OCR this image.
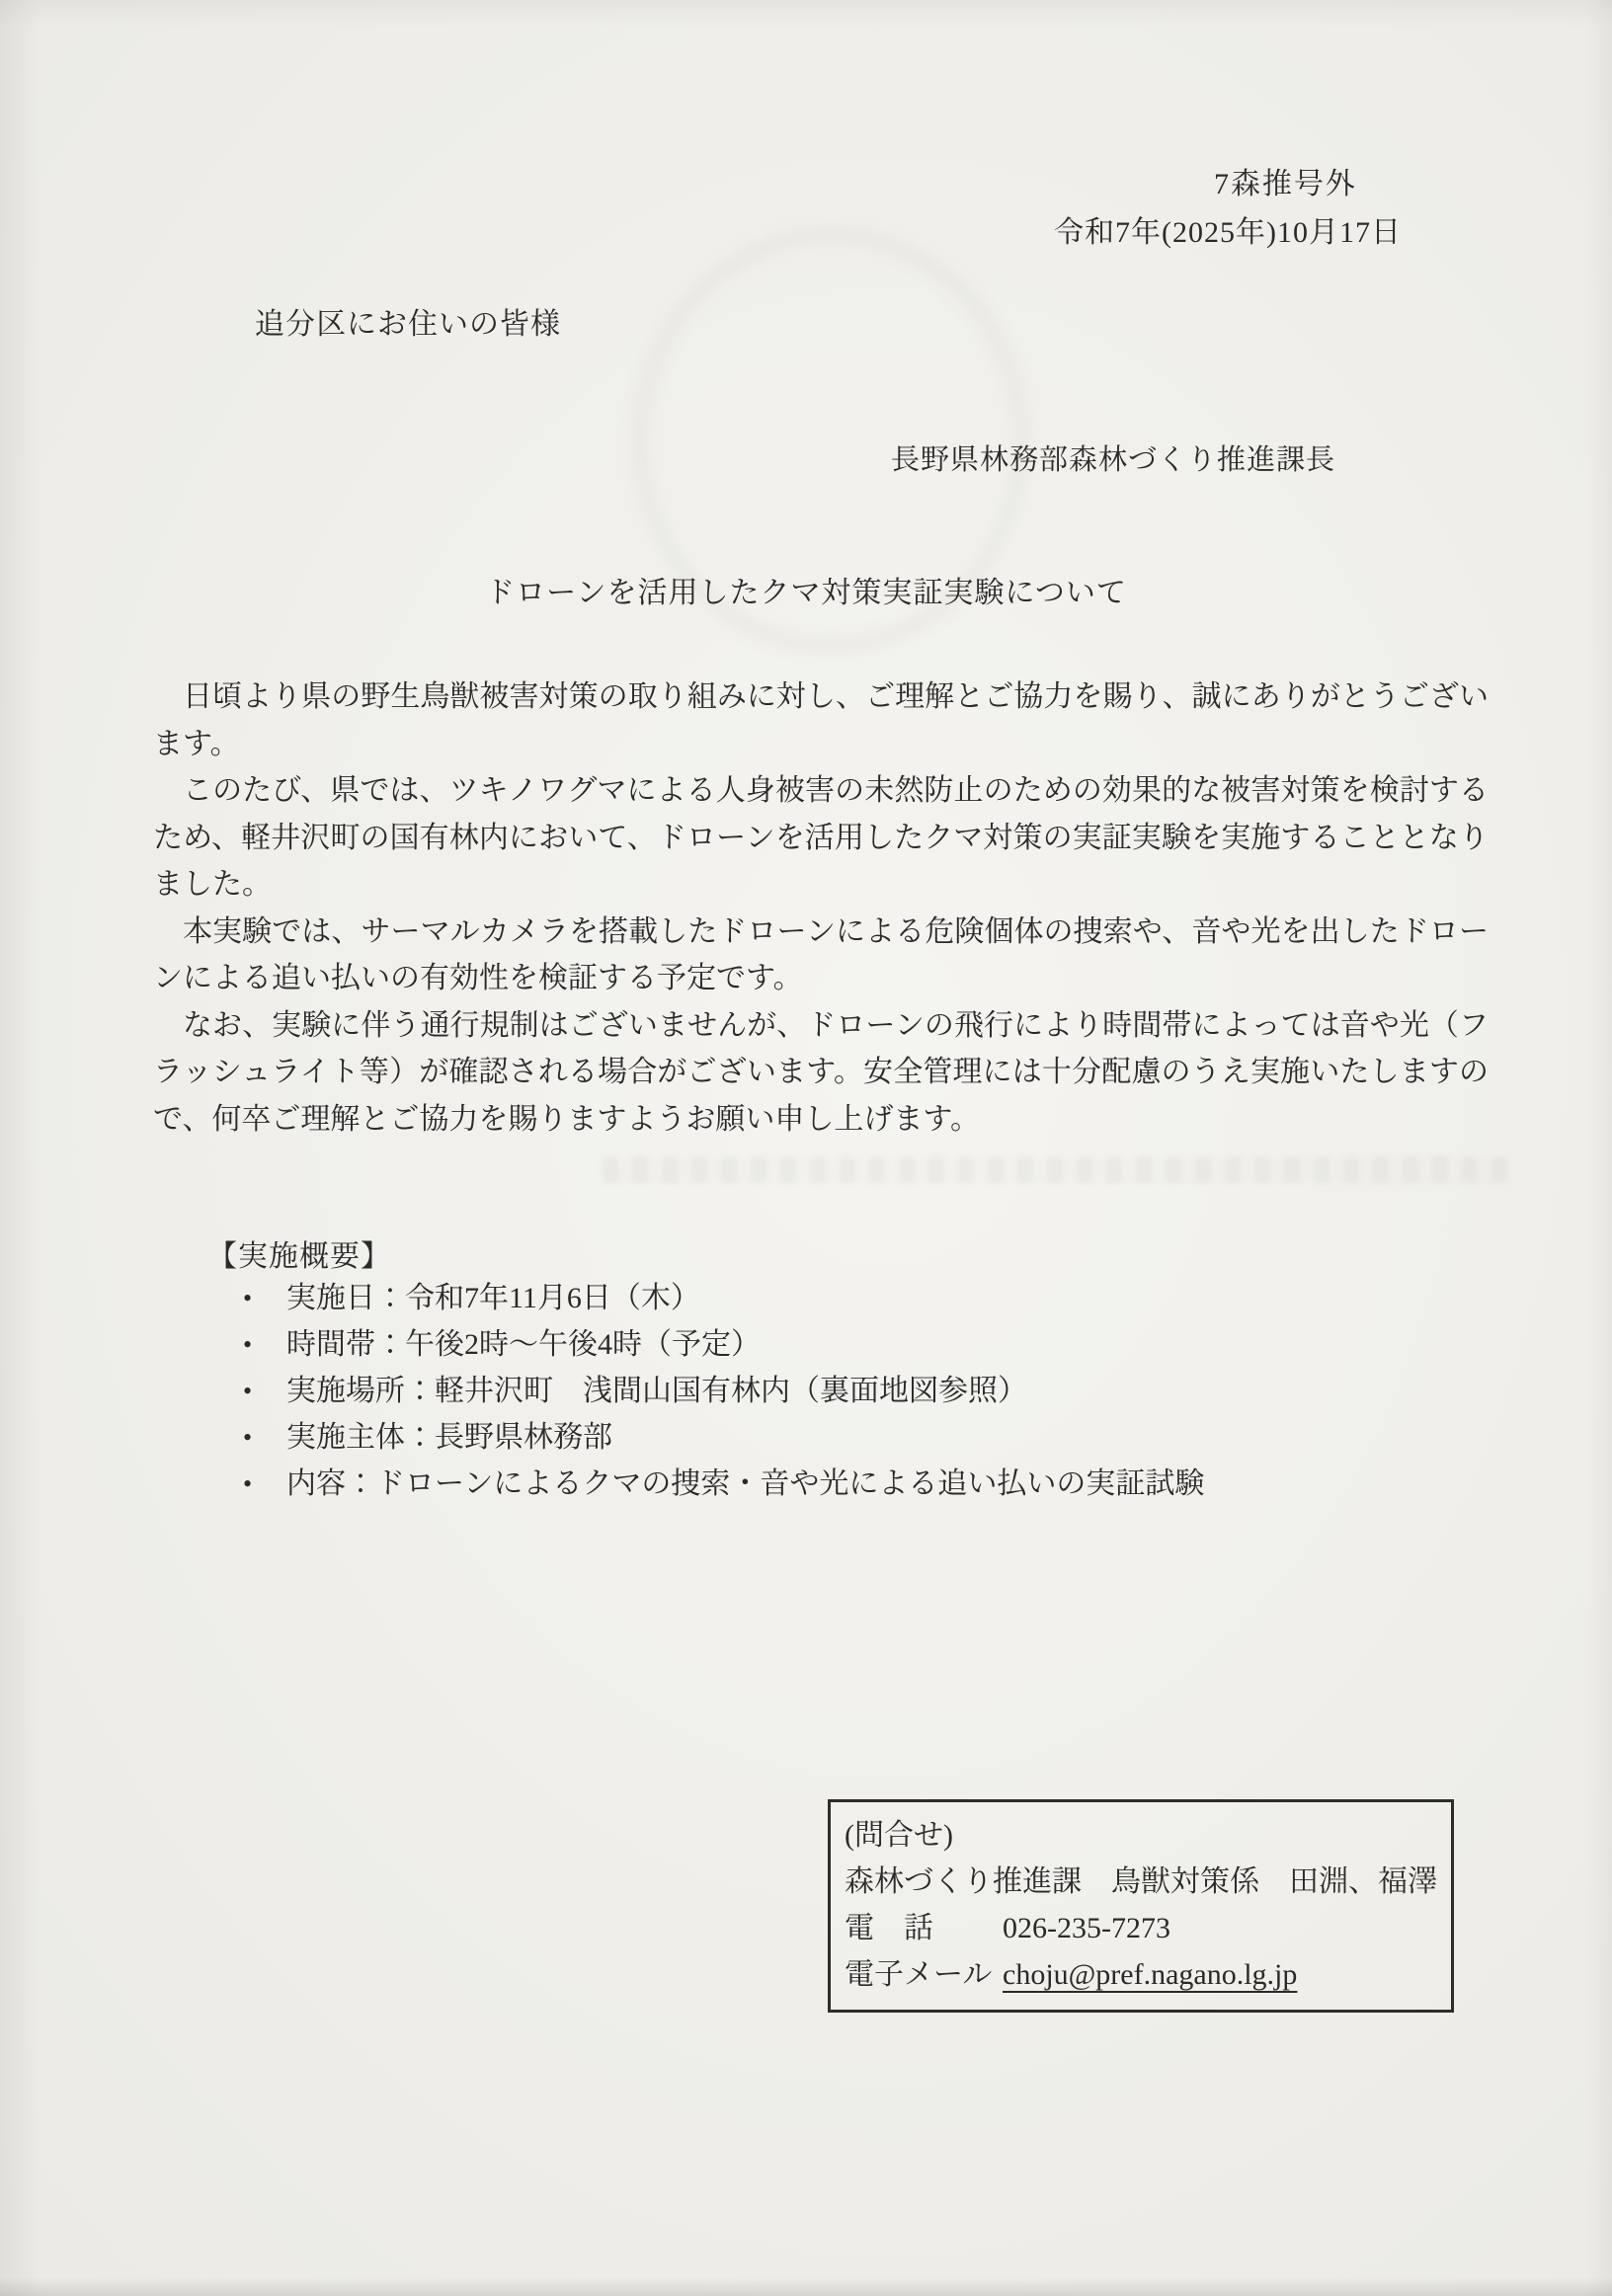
7森推号外
令和7年(2025年)10月17日
追分区にお住いの皆様
長野県林務部森林づくり推進課長
ドローンを活用したクマ対策実証実験について

日頃より県の野生鳥獣被害対策の取り組みに対し、ご理解とご協力を賜り、誠にありがとうございます。

このたび、県では、ツキノワグマによる人身被害の未然防止のための効果的な被害対策を検討するため、軽井沢町の国有林内において、ドローンを活用したクマ対策の実証実験を実施することとなりました。

本実験では、サーマルカメラを搭載したドローンによる危険個体の捜索や、音や光を出したドローンによる追い払いの有効性を検証する予定です。

なお、実験に伴う通行規制はございませんが、ドローンの飛行により時間帯によっては音や光（フラッシュライト等）が確認される場合がございます。安全管理には十分配慮のうえ実施いたしますので、何卒ご理解とご協力を賜りますようお願い申し上げます。

【実施概要】
• 実施日：令和7年11月6日（木）
• 時間帯：午後2時～午後4時（予定）
• 実施場所：軽井沢町　浅間山国有林内（裏面地図参照）
• 実施主体：長野県林務部
• 内容：ドローンによるクマの捜索・音や光による追い払いの実証試験
(問合せ)
森林づくり推進課　鳥獣対策係　田淵、福澤
電　話 026-235-7273
電子メール choju@pref.nagano.lg.jp
